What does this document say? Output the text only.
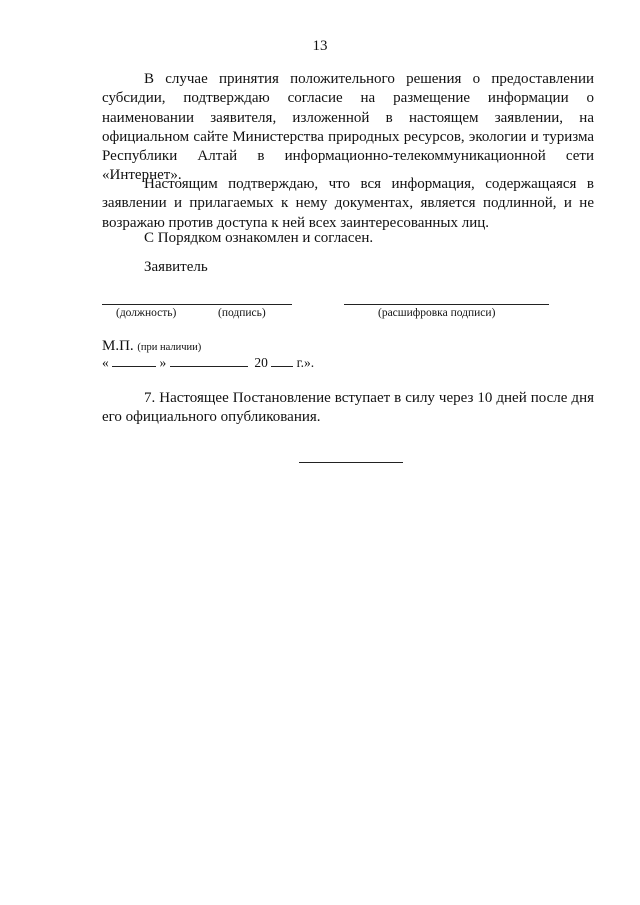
13

В случае принятия положительного решения о предоставлении субсидии, подтверждаю согласие на размещение информации о наименовании заявителя, изложенной в настоящем заявлении, на официальном сайте Министерства природных ресурсов, экологии и туризма Республики Алтай в информационно-телекоммуникационной сети «Интернет».

Настоящим подтверждаю, что вся информация, содержащаяся в заявлении и прилагаемых к нему документах, является подлинной, и не возражаю против доступа к ней всех заинтересованных лиц.

С Порядком ознакомлен и согласен.

Заявитель
(должность)	(подпись)	(расшифровка подписи)
М.П. (при наличии)
«	»	20 г.».

7. Настоящее Постановление вступает в силу через 10 дней после дня его официального опубликования.
